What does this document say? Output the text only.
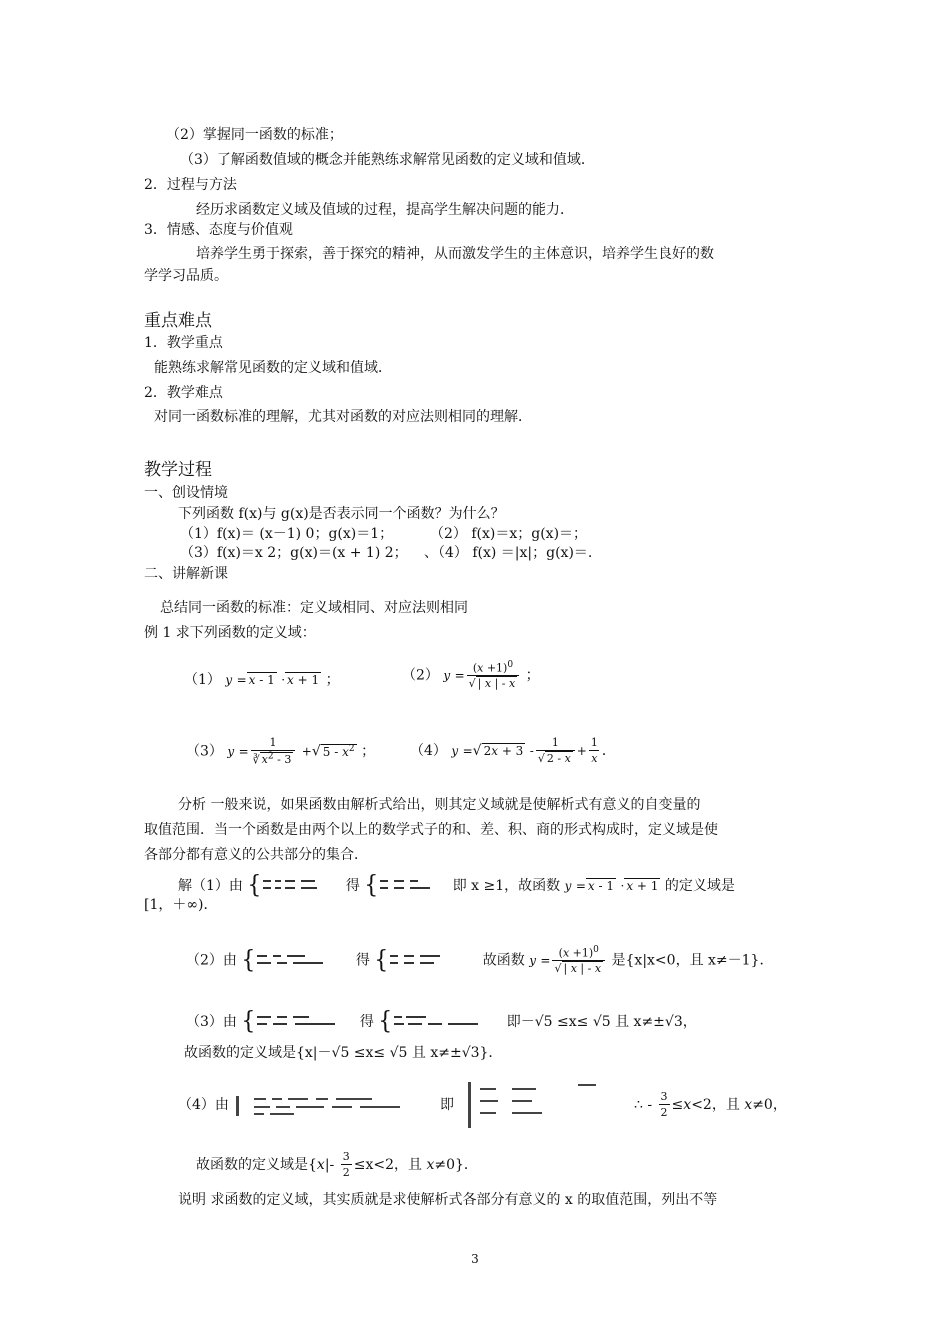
（2）掌握同一函数的标准；
（3）了解函数值域的概念并能熟练求解常见函数的定义域和值域．
2．过程与方法
经历求函数定义域及值域的过程，提高学生解决问题的能力．
3．情感、态度与价值观
培养学生勇于探索，善于探究的精神，从而激发学生的主体意识，培养学生良好的数
学学习品质。
重点难点
1．教学重点
能熟练求解常见函数的定义域和值域．
2．教学难点
对同一函数标准的理解，尤其对函数的对应法则相同的理解．
教学过程
一、创设情境
下列函数 f(x)与 g(x)是否表示同一个函数？为什么？
（1）f(x)＝ (x－1) 0；g(x)＝1；	（2） f(x)＝x；g(x)＝；
（3）f(x)＝x 2；g(x)＝(x + 1) 2； 、（4） f(x) ＝|x|；g(x)＝.
二、讲解新课
总结同一函数的标准：定义域相同、对应法则相同
例 1 求下列函数的定义域：
（1） y = x - 1 · x + 1 ；	（2） $y = \frac{(x +1)^0}{√ | x | - x}$ ；
（3） $y = \frac{1}{∛ x^2 - 3}$ +√ $5 - x^2$ ； （4） y =√ $2x + 3 - \frac{1}{√ 2 - x} + \frac{1}{x}$ ．
分析 一般来说，如果函数由解析式给出，则其定义域就是使解析式有意义的自变量的
取值范围．当一个函数是由两个以上的数学式子的和、差、积、商的形式构成时，定义域是使
各部分都有意义的公共部分的集合．
解（1）由 {	得 {	即 x ≥1，故函数 y = x - 1 · x + 1 的定义域是
[1，＋∞)．
（2）由 {	得 {	故函数 $y = \frac{(x +1)^0}{√ | x | - x}$ 是{x|x<0，且 x≠－1}．
（3）由 {	得 {	即－√5 ≤x≤ √5 且 x≠±√3，
故函数的定义域是{x|－√5 ≤x≤ √5 且 x≠±√3}．
（4）由	即	∴ - $\frac{3}{2} \le x<2$，且 x≠0，
故函数的定义域是{$x|- \frac{3}{2} \le x<2$，且 x≠0}．
说明 求函数的定义域，其实质就是求使解析式各部分有意义的 x 的取值范围，列出不等
3
